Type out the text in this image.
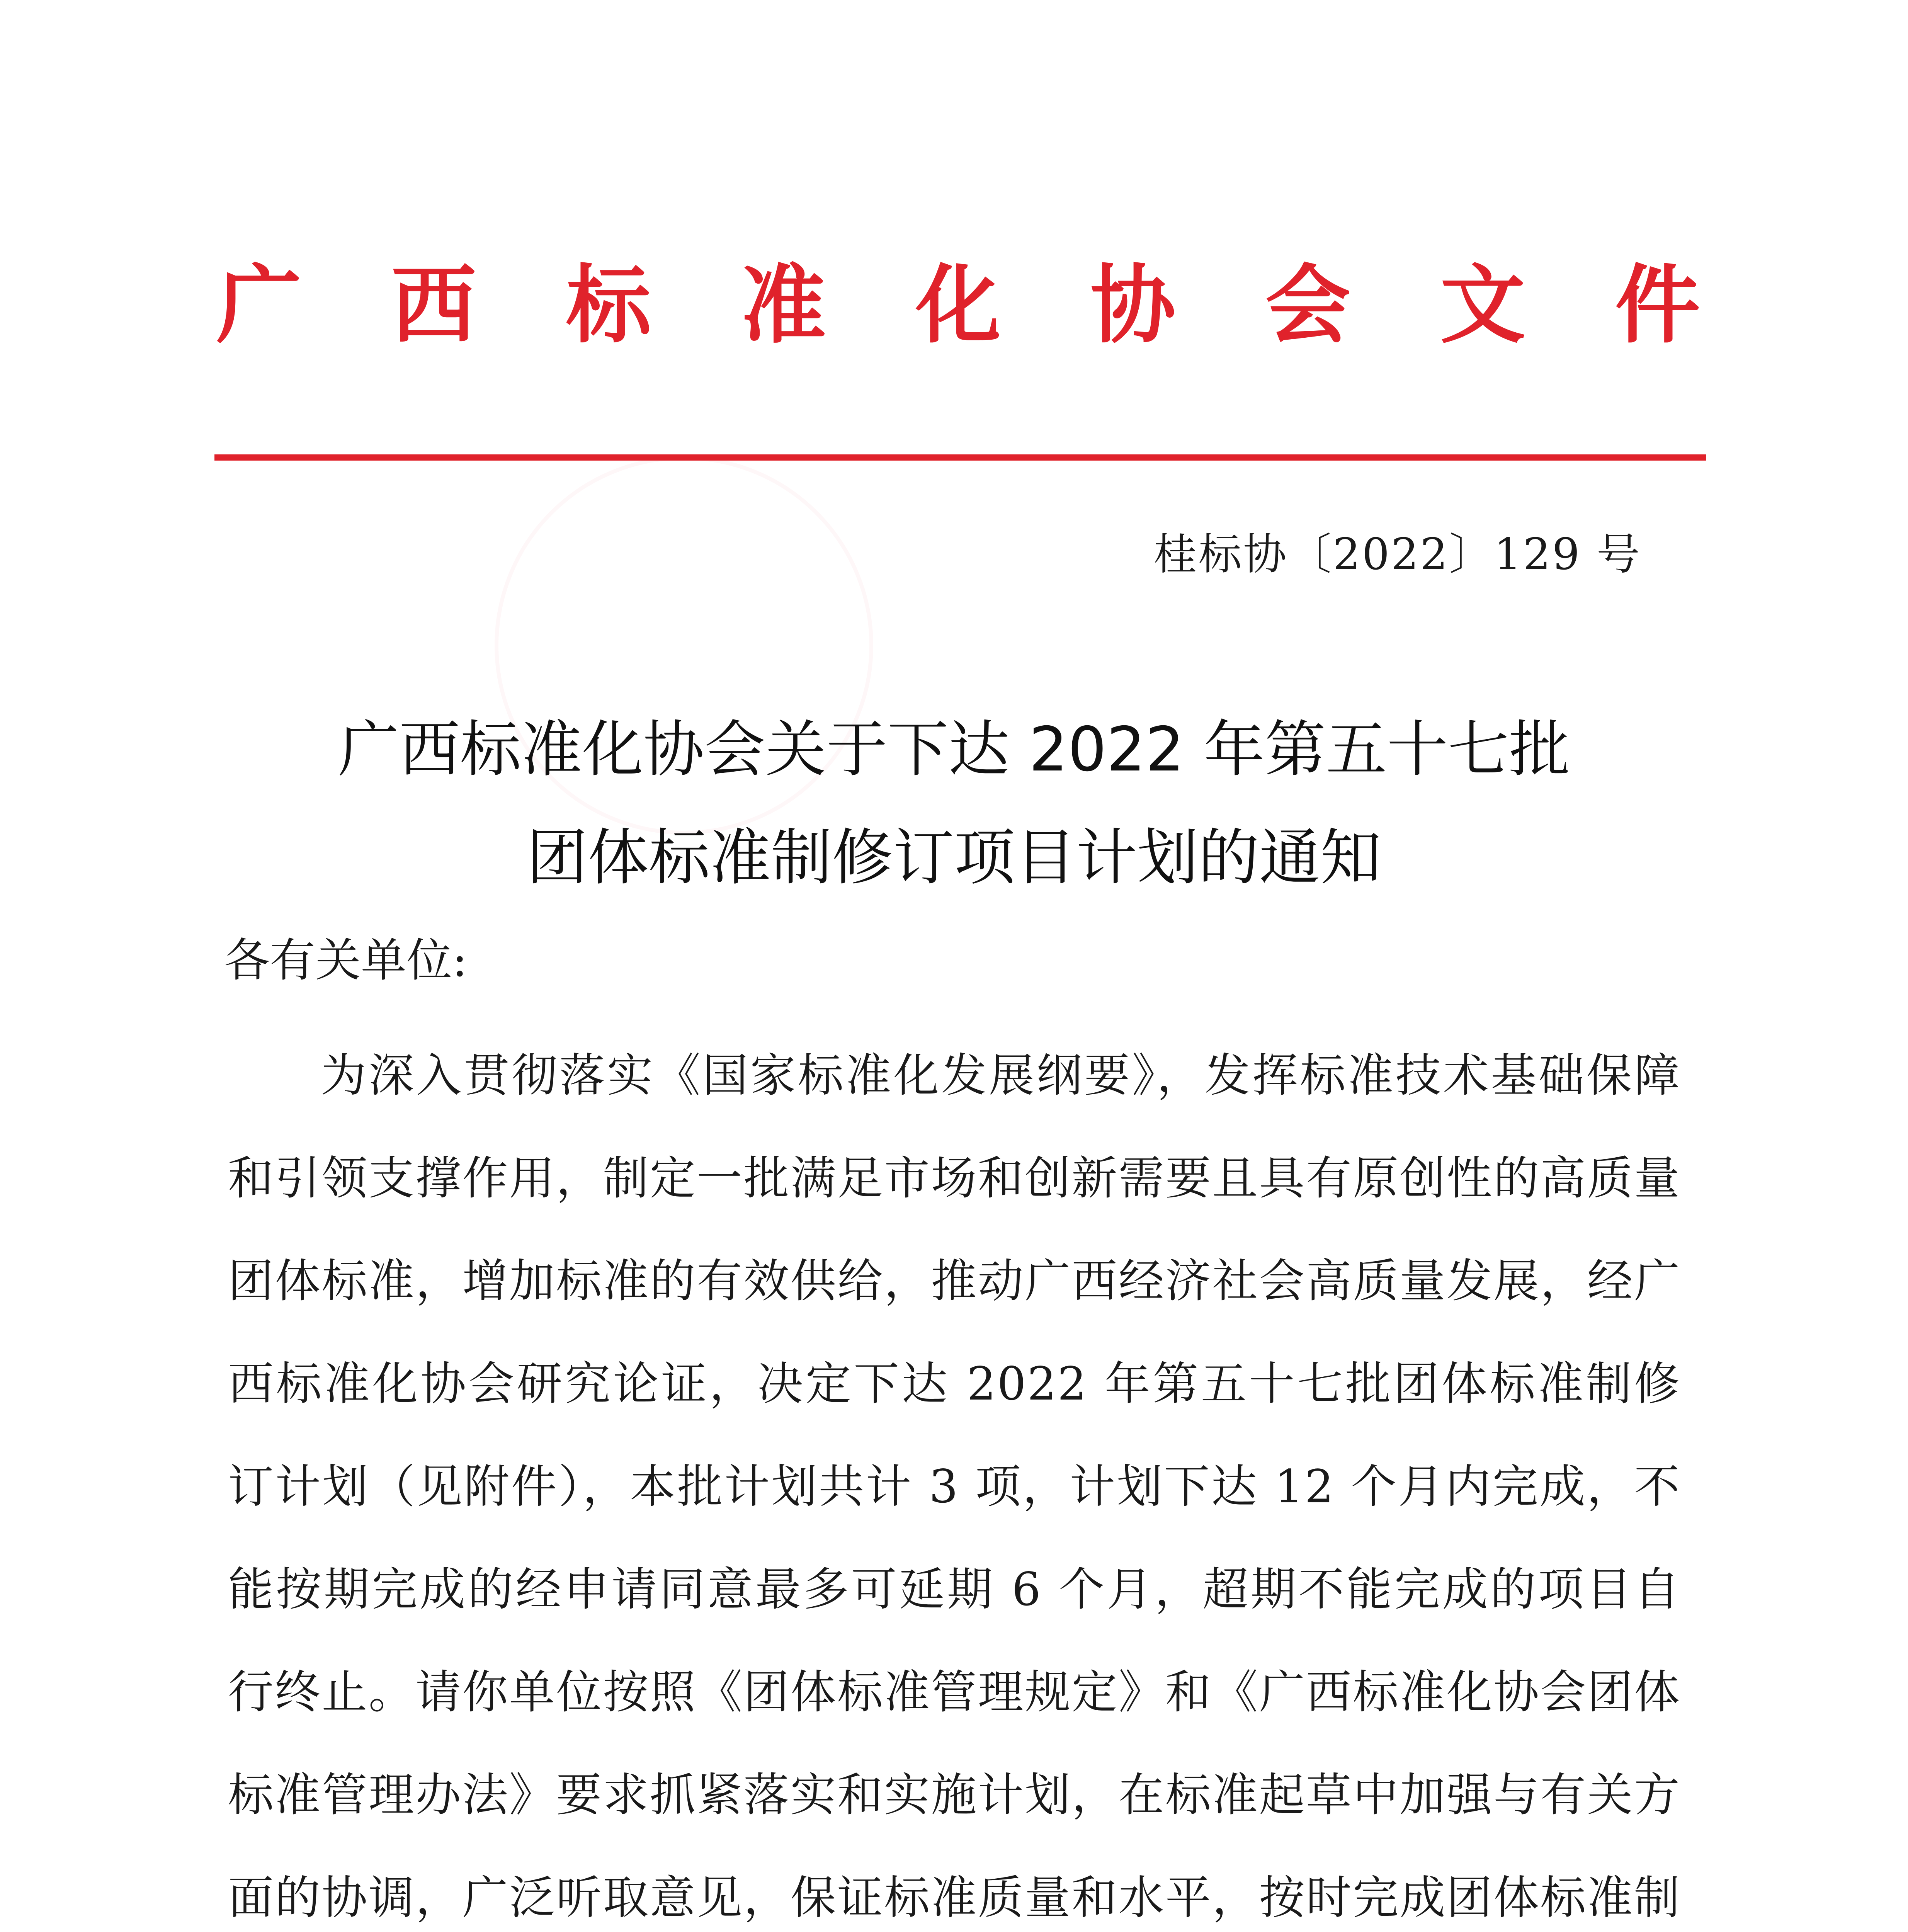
广 西 标 准 化 协 会 文 件
桂标协〔2022〕129 号
广西标准化协会关于下达 2022 年第五十七批
团体标准制修订项目计划的通知
各有关单位:

为深入贯彻落实《国家标准化发展纲要》，发挥标准技术基础保障和引领支撑作用，制定一批满足市场和创新需要且具有原创性的高质量团体标准，增加标准的有效供给，推动广西经济社会高质量发展，经广西标准化协会研究论证，决定下达 2022 年第五十七批团体标准制修订计划（见附件），本批计划共计 3 项，计划下达 12 个月内完成，不能按期完成的经申请同意最多可延期 6 个月，超期不能完成的项目自行终止。请你单位按照《团体标准管理规定》和《广西标准化协会团体标准管理办法》要求抓紧落实和实施计划，在标准起草中加强与有关方面的协调，广泛听取意见，保证标准质量和水平，按时完成团体标准制
